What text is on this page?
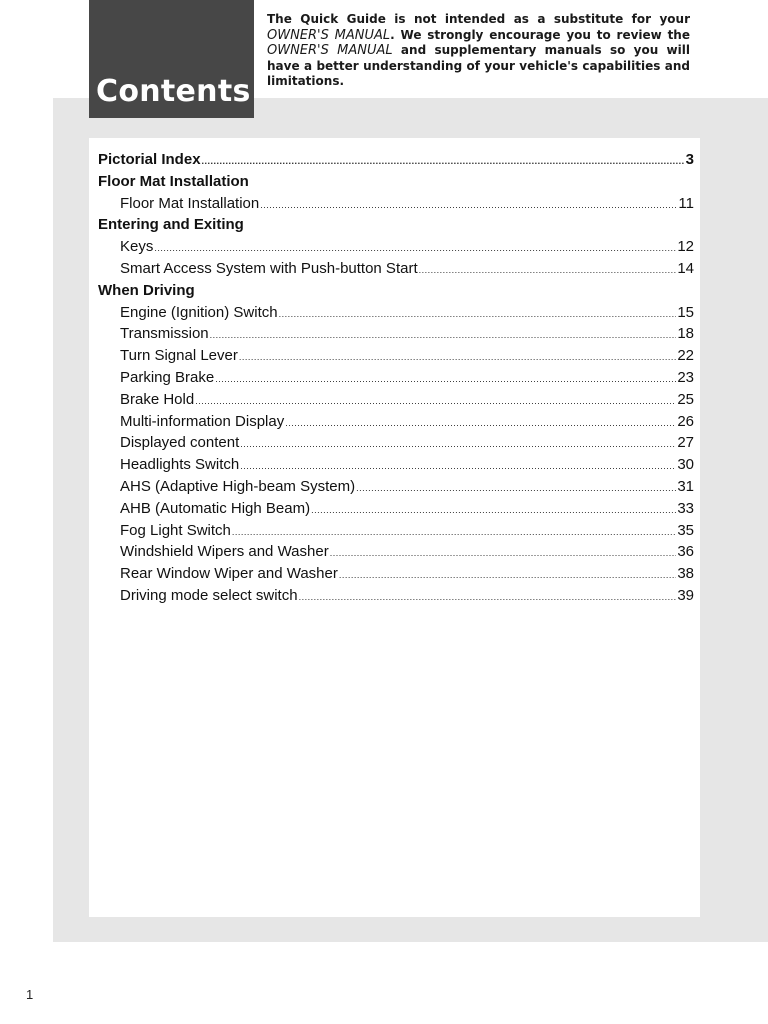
Contents

The Quick Guide is not intended as a substitute for your OWNER'S MANUAL. We strongly encourage you to review the OWNER'S MANUAL and supplementary manuals so you will have a better understanding of your vehicle's capabilities and limitations.

Pictorial Index .....	3
Floor Mat Installation
Floor Mat Installation .....	11
Entering and Exiting
Keys .....	12
Smart Access System with Push-button Start .....	14
When Driving
Engine (Ignition) Switch .....	15
Transmission .....	18
Turn Signal Lever .....	22
Parking Brake .....	23
Brake Hold .....	25
Multi-information Display .....	26
Displayed content .....	27
Headlights Switch .....	30
AHS (Adaptive High-beam System) .....	31
AHB (Automatic High Beam) .....	33
Fog Light Switch .....	35
Windshield Wipers and Washer .....	36
Rear Window Wiper and Washer .....	38
Driving mode select switch .....	39
1
